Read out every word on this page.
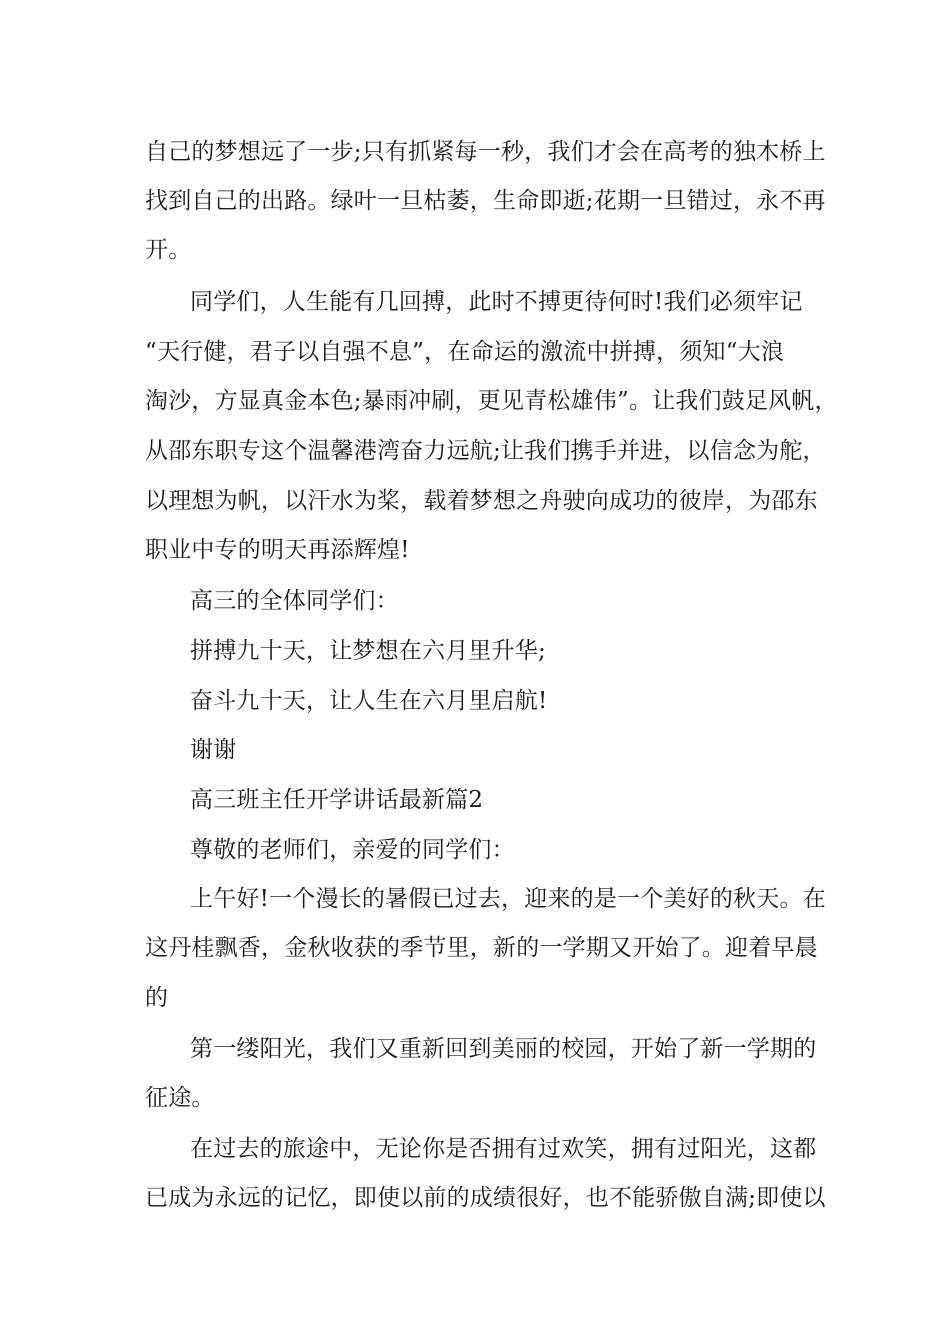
自己的梦想远了一步;只有抓紧每一秒，我们才会在高考的独木桥上

找到自己的出路。绿叶一旦枯萎，生命即逝;花期一旦错过，永不再

开。

同学们，人生能有几回搏，此时不搏更待何时!我们必须牢记

“天行健，君子以自强不息”，在命运的激流中拼搏，须知“大浪

淘沙，方显真金本色;暴雨冲刷，更见青松雄伟”。让我们鼓足风帆，

从邵东职专这个温馨港湾奋力远航;让我们携手并进，以信念为舵，

以理想为帆，以汗水为桨，载着梦想之舟驶向成功的彼岸，为邵东

职业中专的明天再添辉煌!

高三的全体同学们：

拼搏九十天，让梦想在六月里升华;

奋斗九十天，让人生在六月里启航!

谢谢

高三班主任开学讲话最新篇2

尊敬的老师们，亲爱的同学们：

上午好!一个漫长的暑假已过去，迎来的是一个美好的秋天。在

这丹桂飘香，金秋收获的季节里，新的一学期又开始了。迎着早晨

的

第一缕阳光，我们又重新回到美丽的校园，开始了新一学期的

征途。

在过去的旅途中，无论你是否拥有过欢笑，拥有过阳光，这都

已成为永远的记忆，即使以前的成绩很好，也不能骄傲自满;即使以
